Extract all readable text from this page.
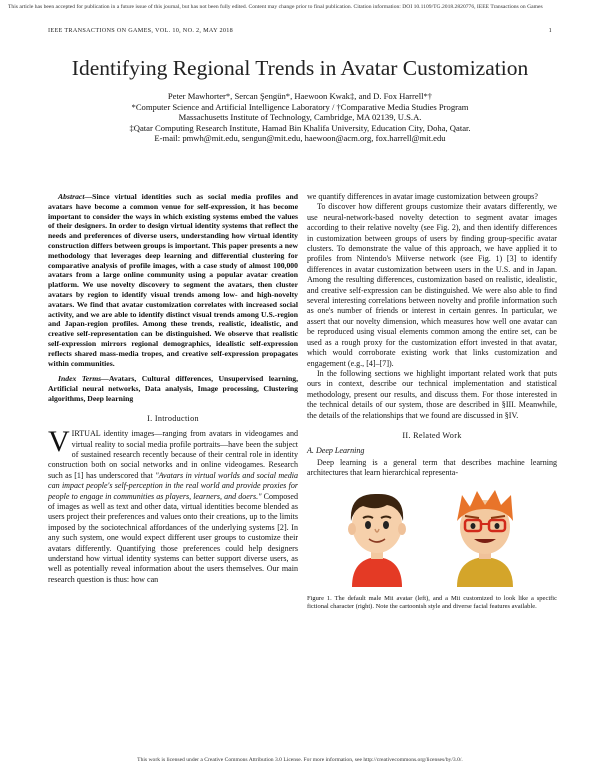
This article has been accepted for publication in a future issue of this journal, but has not been fully edited. Content may change prior to final publication. Citation information: DOI 10.1109/TG.2018.2820776, IEEE Transactions on Games
IEEE TRANSACTIONS ON GAMES, VOL. 10, NO. 2, MAY 2018	1
Identifying Regional Trends in Avatar Customization
Peter Mawhorter*, Sercan Şengün*, Haewoon Kwak‡, and D. Fox Harrell*†
*Computer Science and Artificial Intelligence Laboratory / †Comparative Media Studies Program
Massachusetts Institute of Technology, Cambridge, MA 02139, U.S.A.
‡Qatar Computing Research Institute, Hamad Bin Khalifa University, Education City, Doha, Qatar.
E-mail: pmwh@mit.edu, sengun@mit.edu, haewoon@acm.org, fox.harrell@mit.edu

Abstract—Since virtual identities such as social media profiles and avatars have become a common venue for self-expression, it has become important to consider the ways in which existing systems embed the values of their designers. In order to design virtual identity systems that reflect the needs and preferences of diverse users, understanding how virtual identity construction differs between groups is important. This paper presents a new methodology that leverages deep learning and differential clustering for comparative analysis of profile images, with a case study of almost 100,000 avatars from a large online community using a popular avatar creation platform. We use novelty discovery to segment the avatars, then cluster avatars by region to identify visual trends among low- and high-novelty avatars. We find that avatar customization correlates with increased social activity, and we are able to identify distinct visual trends among U.S.-region and Japan-region profiles. Among these trends, realistic, idealistic, and creative self-representation can be distinguished. We observe that realistic self-expression mirrors regional demographics, idealistic self-expression reflects shared mass-media tropes, and creative self-expression propagates within communities.

Index Terms—Avatars, Cultural differences, Unsupervised learning, Artificial neural networks, Data analysis, Image processing, Clustering algorithms, Deep learning

I. Introduction

VIRTUAL identity images—ranging from avatars in videogames and virtual reality to social media profile portraits—have been the subject of sustained research recently because of their central role in identity construction both on social networks and in online videogames. Research such as [1] has underscored that "Avatars in virtual worlds and social media can impact people's self-perception in the real world and provide proxies for people to engage in communities as players, learners, and doers." Composed of images as well as text and other data, virtual identities become blended as users project their preferences and values onto their creations, up to the limits imposed by the sociotechnical affordances of the underlying systems [2]. In any such system, one would expect different user groups to customize their avatars differently. Quantifying those preferences could help designers understand how virtual identity systems can better support diverse users, as well as potentially reveal information about the users themselves. Our main research question is thus: how can

we quantify differences in avatar image customization between groups?

To discover how different groups customize their avatars differently, we use neural-network-based novelty detection to segment avatar images according to their relative novelty (see Fig. 2), and then identify differences in customization between groups of users by finding group-specific avatar clusters. To demonstrate the value of this approach, we have applied it to profiles from Nintendo's Miiverse network (see Fig. 1) [3] to identify differences in avatar customization between users in the U.S. and in Japan. Among the resulting differences, customization based on realistic, idealistic, and creative self-expression can be distinguished. We were also able to find several interesting correlations between novelty and profile information such as one's number of friends or interest in certain genres. In particular, we assert that our novelty dimension, which measures how well one avatar can be reproduced using visual elements common among the entire set, can be used as a rough proxy for the customization effort invested in that avatar, which would corroborate existing work that links customization and engagement (e.g., [4]–[7]).

In the following sections we highlight important related work that puts ours in context, describe our technical implementation and statistical methodology, present our results, and discuss them. For those interested in the technical details of our system, those are described in §III. Meanwhile, the details of the relationships that we found are discussed in §IV.

II. Related Work

A. Deep Learning

Deep learning is a general term that describes machine learning architectures that learn hierarchical representa-

Figure 1. The default male Mii avatar (left), and a Mii customized to look like a specific fictional character (right). Note the cartoonish style and diverse facial features available.

This work is licensed under a Creative Commons Attribution 3.0 License. For more information, see http://creativecommons.org/licenses/by/3.0/.
